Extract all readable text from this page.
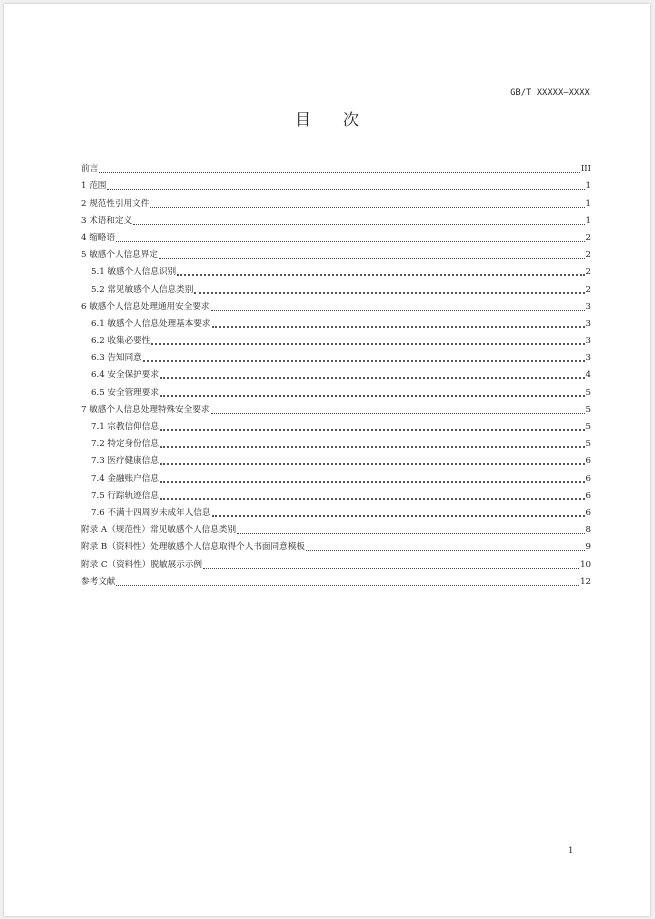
GB/T XXXXX—XXXX
目　　次
前言	III
1 范围	1
2 规范性引用文件	1
3 术语和定义	1
4 缩略语	2
5 敏感个人信息界定	2
5.1 敏感个人信息识别	2
5.2 常见敏感个人信息类别	2
6 敏感个人信息处理通用安全要求	3
6.1 敏感个人信息处理基本要求	3
6.2 收集必要性	3
6.3 告知同意	3
6.4 安全保护要求	4
6.5 安全管理要求	5
7 敏感个人信息处理特殊安全要求	5
7.1 宗教信仰信息	5
7.2 特定身份信息	5
7.3 医疗健康信息	6
7.4 金融账户信息	6
7.5 行踪轨迹信息	6
7.6 不满十四周岁未成年人信息	6
附录 A（规范性）常见敏感个人信息类别	8
附录 B（资料性）处理敏感个人信息取得个人书面同意模板	9
附录 C（资料性）脱敏展示示例	10
参考文献	12
1
